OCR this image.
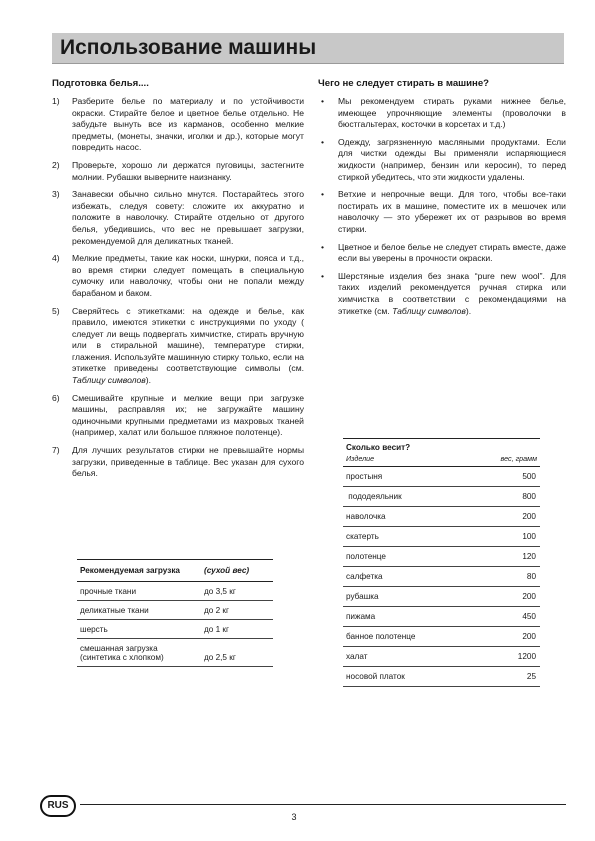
Использование машины
Подготовка белья....
1) Разберите белье по материалу и по устойчивости окраски. Стирайте белое и цветное белье отдельно. Не забудьте вынуть все из карманов, особенно мелкие предметы, (монеты, значки, иголки и др.), которые могут повредить насос.
2) Проверьте, хорошо ли держатся пуговицы, застегните молнии. Рубашки выверните наизнанку.
3) Занавески обычно сильно мнутся. Постарайтесь этого избежать, следуя совету: сложите их аккуратно и положите в наволочку. Стирайте отдельно от другого белья, убедившись, что вес не превышает загрузки, рекомендуемой для деликатных тканей.
4) Мелкие предметы, такие как носки, шнурки, пояса и т.д., во время стирки следует помещать в специальную сумочку или наволочку, чтобы они не попали между барабаном и баком.
5) Сверяйтесь с этикетками: на одежде и белье, как правило, имеются этикетки с инструкциями по уходу ( следует ли вещь подвергать химчистке, стирать вручную или в стиральной машине), температуре стирки, глажения. Используйте машинную стирку только, если на этикетке приведены соответствующие символы (см. Таблицу символов).
6) Смешивайте крупные и мелкие вещи при загрузке машины, расправляя их; не загружайте машину одиночными крупными предметами из махровых тканей (например, халат или большое пляжное полотенце).
7) Для лучших результатов стирки не превышайте нормы загрузки, приведенные в таблице. Вес указан для сухого белья.
Чего не следует стирать в машине?
• Мы рекомендуем стирать руками нижнее белье, имеющее упрочняющие элементы (проволочки в бюстгальтерах, косточки в корсетах и т.д.)
• Одежду, загрязненную масляными продуктами. Если для чистки одежды Вы применяли испаряющиеся жидкости (например, бензин или керосин), то перед стиркой убедитесь, что эти жидкости удалены.
• Ветхие и непрочные вещи. Для того, чтобы все-таки постирать их в машине, поместите их в мешочек или наволочку — это убережет их от разрывов во время стирки.
• Цветное и белое белье не следует стирать вместе, даже если вы уверены в прочности окраски.
• Шерстяные изделия без знака “pure new wool”. Для таких изделий рекомендуется ручная стирка или химчистка в соответствии с рекомендациями на этикетке (см. Таблицу символов).
Рекомендуемая загрузка	(сухой вес)
прочные ткани	до 3,5 кг
деликатные ткани	до 2 кг
шерсть	до 1 кг
смешанная загрузка
(синтетика с хлопком)	до 2,5 кг
Сколько весит?
Изделие	вес, грамм
простыня	500
пододеяльник	800
наволочка	200
скатерть	100
полотенце	120
салфетка	80
рубашка	200
пижама	450
банное полотенце	200
халат	1200
носовой платок	25
RUS
3
